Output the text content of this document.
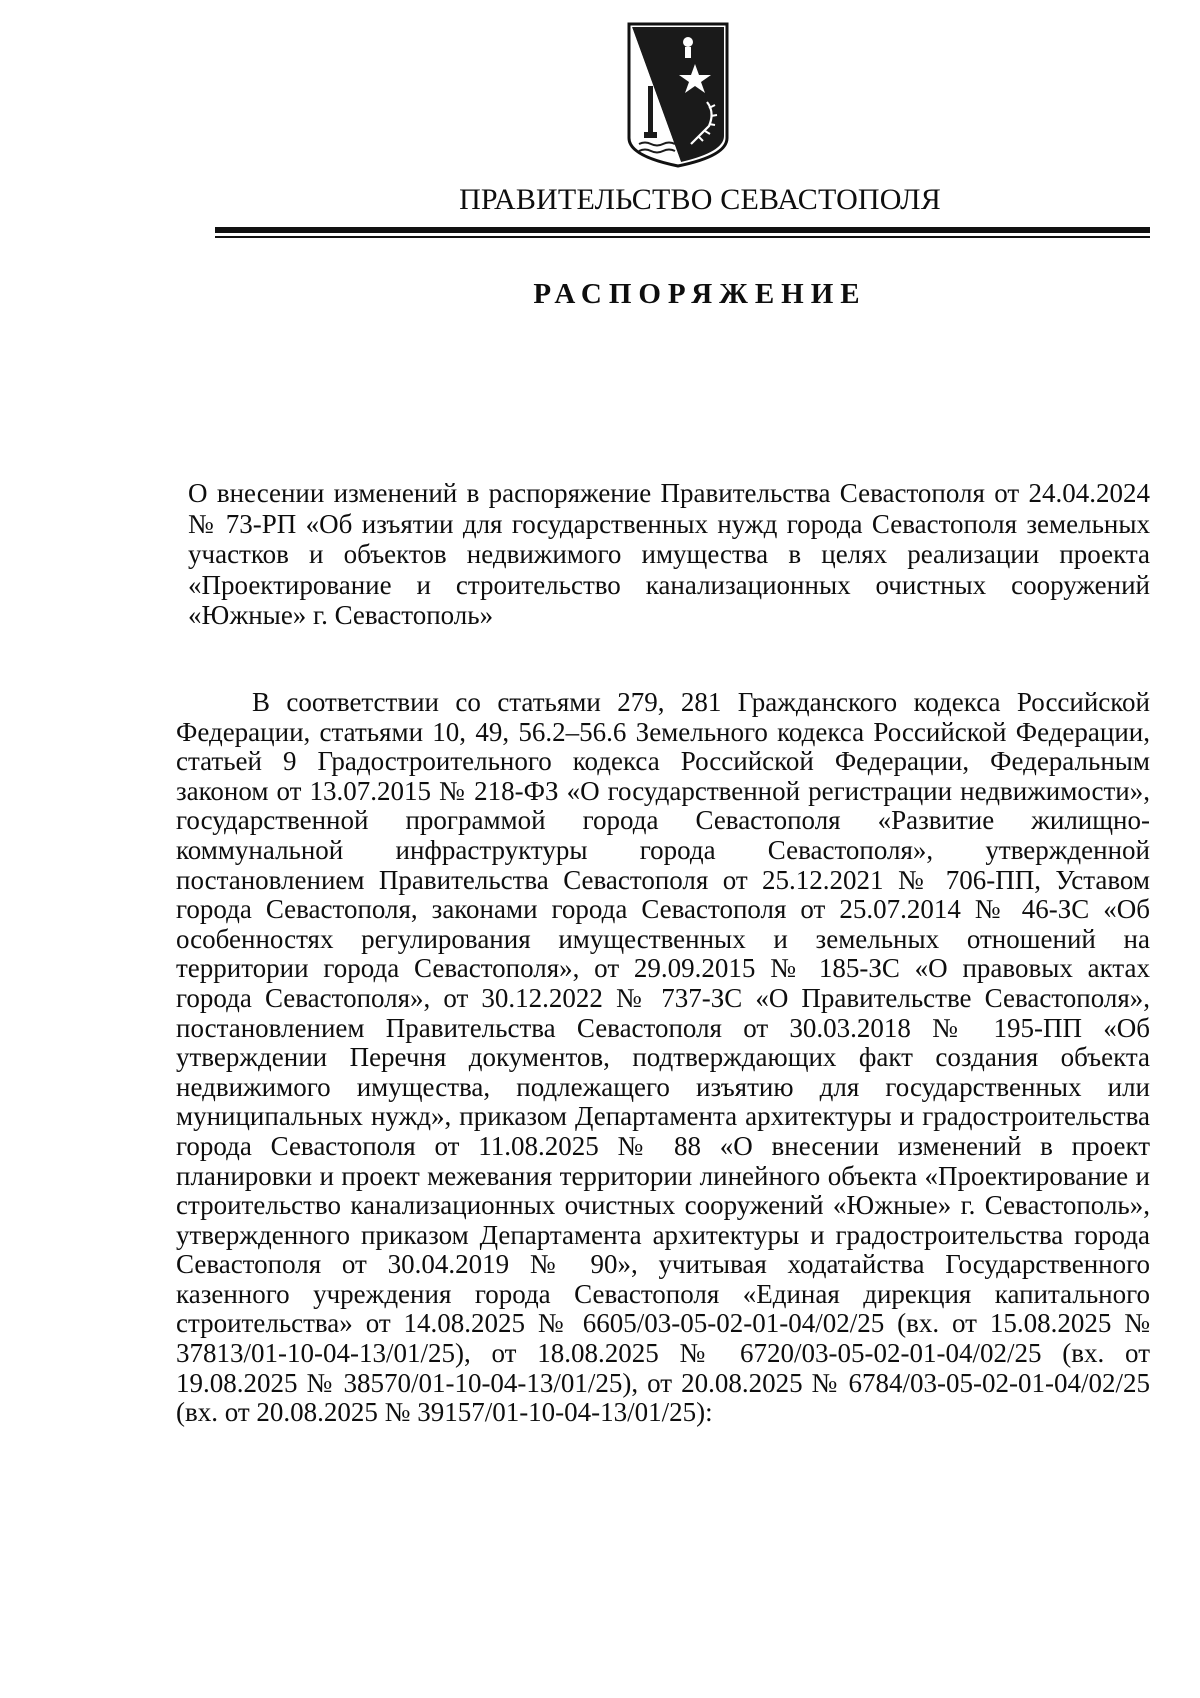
ПРАВИТЕЛЬСТВО СЕВАСТОПОЛЯ
РАСПОРЯЖЕНИЕ
О внесении изменений в распоряжение Правительства Севастополя от 24.04.2024 № 73-РП «Об изъятии для государственных нужд города Севастополя земельных участков и объектов недвижимого имущества в целях реализации проекта «Проектирование и строительство канализационных очистных сооружений «Южные» г. Севастополь»
В соответствии со статьями 279, 281 Гражданского кодекса Российской Федерации, статьями 10, 49, 56.2–56.6 Земельного кодекса Российской Федерации, статьей 9 Градостроительного кодекса Российской Федерации, Федеральным законом от 13.07.2015 № 218-ФЗ «О государственной регистрации недвижимости», государственной программой города Севастополя «Развитие жилищно-коммунальной инфраструктуры города Севастополя», утвержденной постановлением Правительства Севастополя от 25.12.2021 № 706-ПП, Уставом города Севастополя, законами города Севастополя от 25.07.2014 № 46-ЗС «Об особенностях регулирования имущественных и земельных отношений на территории города Севастополя», от 29.09.2015 № 185-ЗС «О правовых актах города Севастополя», от 30.12.2022 № 737-ЗС «О Правительстве Севастополя», постановлением Правительства Севастополя от 30.03.2018 № 195-ПП «Об утверждении Перечня документов, подтверждающих факт создания объекта недвижимого имущества, подлежащего изъятию для государственных или муниципальных нужд», приказом Департамента архитектуры и градостроительства города Севастополя от 11.08.2025 № 88 «О внесении изменений в проект планировки и проект межевания территории линейного объекта «Проектирование и строительство канализационных очистных сооружений «Южные» г. Севастополь», утвержденного приказом Департамента архитектуры и градостроительства города Севастополя от 30.04.2019 № 90», учитывая ходатайства Государственного казенного учреждения города Севастополя «Единая дирекция капитального строительства» от 14.08.2025 № 6605/03-05-02-01-04/02/25 (вх. от 15.08.2025 № 37813/01-10-04-13/01/25), от 18.08.2025 № 6720/03-05-02-01-04/02/25 (вх. от 19.08.2025 № 38570/01-10-04-13/01/25), от 20.08.2025 № 6784/03-05-02-01-04/02/25 (вх. от 20.08.2025 № 39157/01-10-04-13/01/25):
